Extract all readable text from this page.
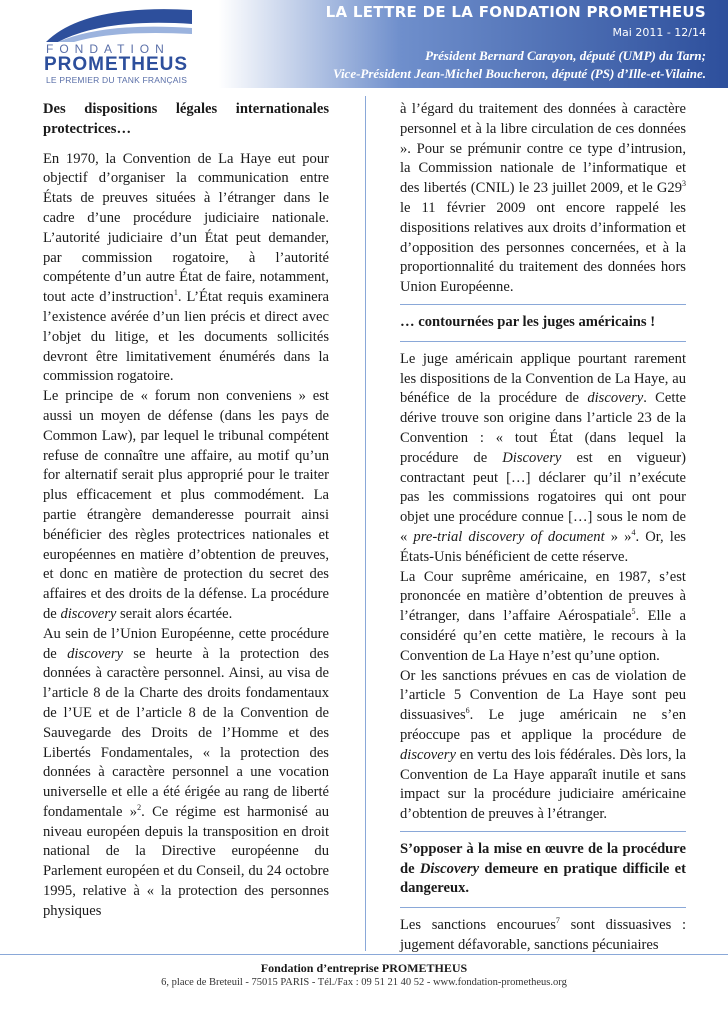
FONDATION
PROMETHEUS
LE PREMIER DU TANK FRANÇAIS
LA LETTRE DE LA FONDATION PROMETHEUS
Mai 2011 - 12/14
Président Bernard Carayon, député (UMP) du Tarn;
Vice-Président Jean-Michel Boucheron, député (PS) d’Ille-et-Vilaine.
Des dispositions légales internationales protectrices…

En 1970, la Convention de La Haye eut pour objectif d’organiser la communication entre États de preuves situées à l’étranger dans le cadre d’une procédure judiciaire nationale. L’autorité judiciaire d’un État peut demander, par commission rogatoire, à l’autorité compétente d’un autre État de faire, notamment, tout acte d’instruction$^1$. L’État requis examinera l’existence avérée d’un lien précis et direct avec l’objet du litige, et les documents sollicités devront être limitativement énumérés dans la commission rogatoire.

Le principe de « forum non conveniens » est aussi un moyen de défense (dans les pays de Common Law), par lequel le tribunal compétent refuse de connaître une affaire, au motif qu’un for alternatif serait plus approprié pour le traiter plus efficacement et plus commodément. La partie étrangère demanderesse pourrait ainsi bénéficier des règles protectrices nationales et européennes en matière d’obtention de preuves, et donc en matière de protection du secret des affaires et des droits de la défense. La procédure de discovery serait alors écartée.

Au sein de l’Union Européenne, cette procédure de discovery se heurte à la protection des données à caractère personnel. Ainsi, au visa de l’article 8 de la Charte des droits fondamentaux de l’UE et de l’article 8 de la Convention de Sauvegarde des Droits de l’Homme et des Libertés Fondamentales, « la protection des données à caractère personnel a une vocation universelle et elle a été érigée au rang de liberté fondamentale »$^2$. Ce régime est harmonisé au niveau européen depuis la transposition en droit national de la Directive européenne du Parlement européen et du Conseil, du 24 octobre 1995, relative à « la protection des personnes physiques

à l’égard du traitement des données à caractère personnel et à la libre circulation de ces données ». Pour se prémunir contre ce type d’intrusion, la Commission nationale de l’informatique et des libertés (CNIL) le 23 juillet 2009, et le $G29^3$ le 11 février 2009 ont encore rappelé les dispositions relatives aux droits d’information et d’opposition des personnes concernées, et à la proportionnalité du traitement des données hors Union Européenne.

… contournées par les juges américains !

Le juge américain applique pourtant rarement les dispositions de la Convention de La Haye, au bénéfice de la procédure de discovery. Cette dérive trouve son origine dans l’article 23 de la Convention : « tout État (dans lequel la procédure de Discovery est en vigueur) contractant peut […] déclarer qu’il n’exécute pas les commissions rogatoires qui ont pour objet une procédure connue […] sous le nom de « pre-trial discovery of document » »$^4$. Or, les États-Unis bénéficient de cette réserve.

La Cour suprême américaine, en 1987, s’est prononcée en matière d’obtention de preuves à l’étranger, dans l’affaire Aérospatiale$^5$. Elle a considéré qu’en cette matière, le recours à la Convention de La Haye n’est qu’une option.

Or les sanctions prévues en cas de violation de l’article 5 Convention de La Haye sont peu dissuasives$^6$. Le juge américain ne s’en préoccupe pas et applique la procédure de discovery en vertu des lois fédérales. Dès lors, la Convention de La Haye apparaît inutile et sans impact sur la procédure judiciaire américaine d’obtention de preuves à l’étranger.

S’opposer à la mise en œuvre de la procédure de Discovery demeure en pratique difficile et dangereux.

Les sanctions encourues$^7$ sont dissuasives : jugement défavorable, sanctions pécuniaires

Fondation d’entreprise PROMETHEUS
6, place de Breteuil - 75015 PARIS - Tél./Fax : 09 51 21 40 52 - www.fondation-prometheus.org
